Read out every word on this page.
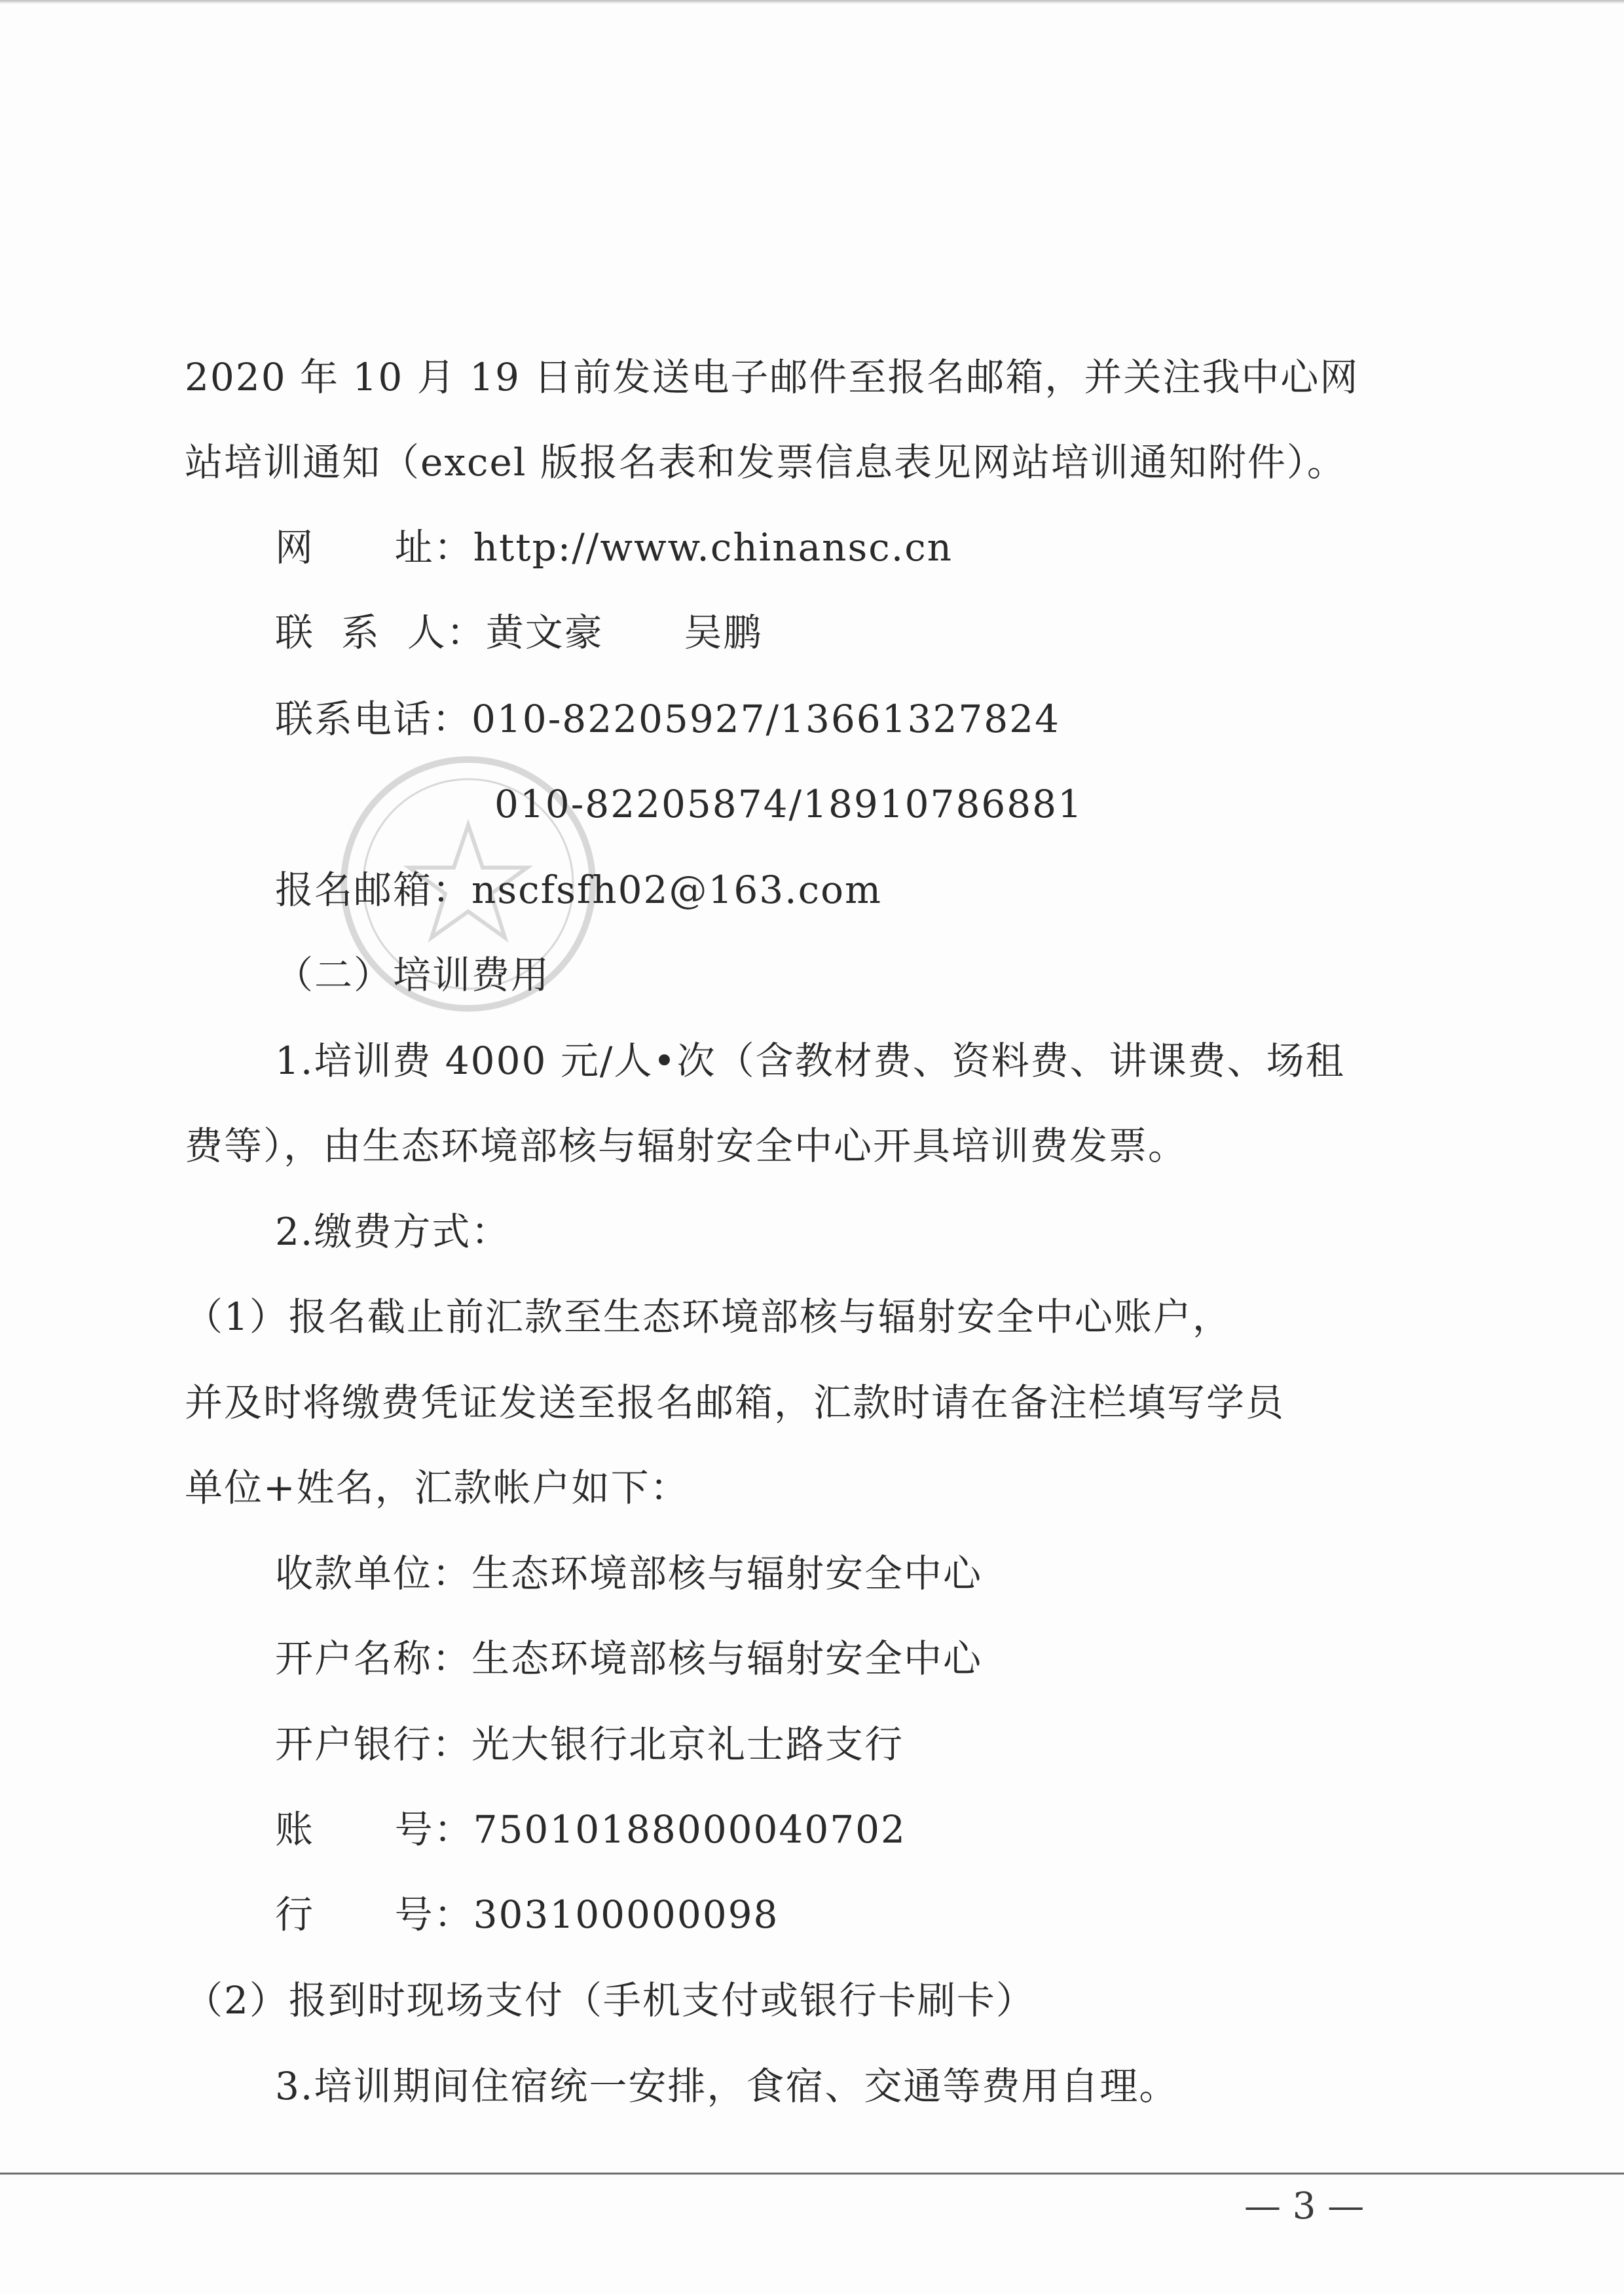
2020 年 10 月 19 日前发送电子邮件至报名邮箱，并关注我中心网
站培训通知（excel 版报名表和发票信息表见网站培训通知附件）。
网      址：http://www.chinansc.cn
联  系  人：黄文豪      吴鹏
联系电话：010-82205927/13661327824
010-82205874/18910786881
报名邮箱：nscfsfh02@163.com
（二）培训费用
1.培训费 4000 元/人•次（含教材费、资料费、讲课费、场租
费等），由生态环境部核与辐射安全中心开具培训费发票。
2.缴费方式：
（1）报名截止前汇款至生态环境部核与辐射安全中心账户，
并及时将缴费凭证发送至报名邮箱，汇款时请在备注栏填写学员
单位+姓名，汇款帐户如下：
收款单位：生态环境部核与辐射安全中心
开户名称：生态环境部核与辐射安全中心
开户银行：光大银行北京礼士路支行
账      号：75010188000040702
行      号：303100000098
（2）报到时现场支付（手机支付或银行卡刷卡）
3.培训期间住宿统一安排，食宿、交通等费用自理。
— 3 —
